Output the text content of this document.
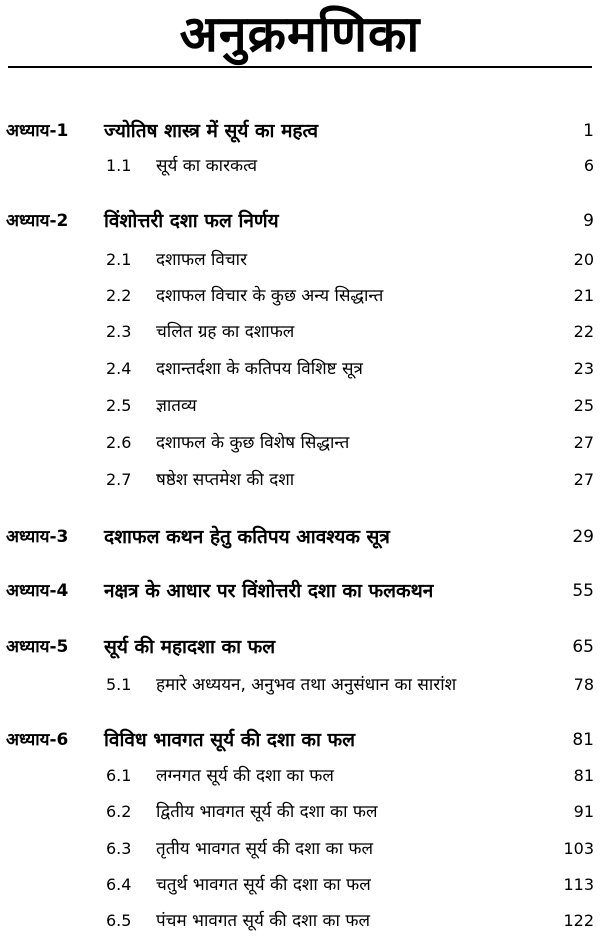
अनुक्रमणिका
अध्याय-1 ज्योतिष शास्त्र में सूर्य का महत्व	1
1.1 सूर्य का कारकत्व	6
अध्याय-2 विंशोत्तरी दशा फल निर्णय	9
2.1 दशाफल विचार	20
2.2 दशाफल विचार के कुछ अन्य सिद्धान्त	21
2.3 चलित ग्रह का दशाफल	22
2.4 दशान्तर्दशा के कतिपय विशिष्ट सूत्र	23
2.5 ज्ञातव्य	25
2.6 दशाफल के कुछ विशेष सिद्धान्त	27
2.7 षष्ठेश सप्तमेश की दशा	27
अध्याय-3 दशाफल कथन हेतु कतिपय आवश्यक सूत्र	29
अध्याय-4 नक्षत्र के आधार पर विंशोत्तरी दशा का फलकथन	55
अध्याय-5 सूर्य की महादशा का फल	65
5.1 हमारे अध्ययन, अनुभव तथा अनुसंधान का सारांश	78
अध्याय-6 विविध भावगत सूर्य की दशा का फल	81
6.1 लग्नगत सूर्य की दशा का फल	81
6.2 द्वितीय भावगत सूर्य की दशा का फल	91
6.3 तृतीय भावगत सूर्य की दशा का फल	103
6.4 चतुर्थ भावगत सूर्य की दशा का फल	113
6.5 पंचम भावगत सूर्य की दशा का फल	122
